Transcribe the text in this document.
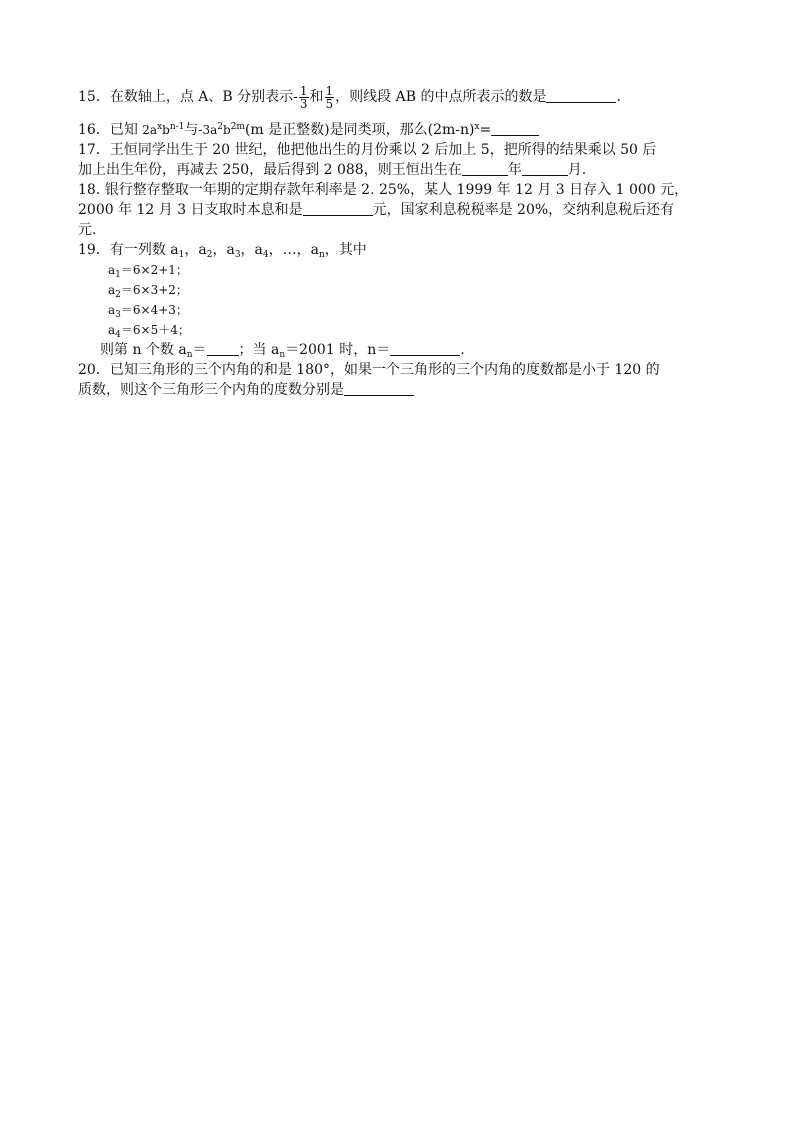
15．在数轴上，点 A、B 分别表示- $\frac{1}{3}$ 和 $\frac{1}{5}$ ，则线段 AB 的中点所表示的数是	.
16．已知 $2a^xb^{n-1}$与$-3a^2b^{2m}(m$ 是正整数)是同类项，那么$(2m-n)^x=$
17．王恒同学出生于 20 世纪，他把他出生的月份乘以 2 后加上 5，把所得的结果乘以 50 后
加上出生年份，再减去 250，最后得到 2 088，则王恒出生在	年	月.
18. 银行整存整取一年期的定期存款年利率是 2. 25%，某人 1999 年 12 月 3 日存入 1 000 元，
2000 年 12 月 3 日支取时本息和是	元，国家利息税税率是 20%，交纳利息税后还有
元.
19．有一列数 $a_1$，$a_2$，$a_3$，$a_4$，…，$a_n$，其中
$a_1=6\times 2+1$；
$a_2=6\times 3+2$；
$a_3=6\times 4+3$；
$a_4=6\times 5+4$；
则第 n 个数 $a_n=$ ；当 $a_n=2001$ 时，n＝	.
20．已知三角形的三个内角的和是 180°，如果一个三角形的三个内角的度数都是小于 120 的
质数，则这个三角形三个内角的度数分别是
